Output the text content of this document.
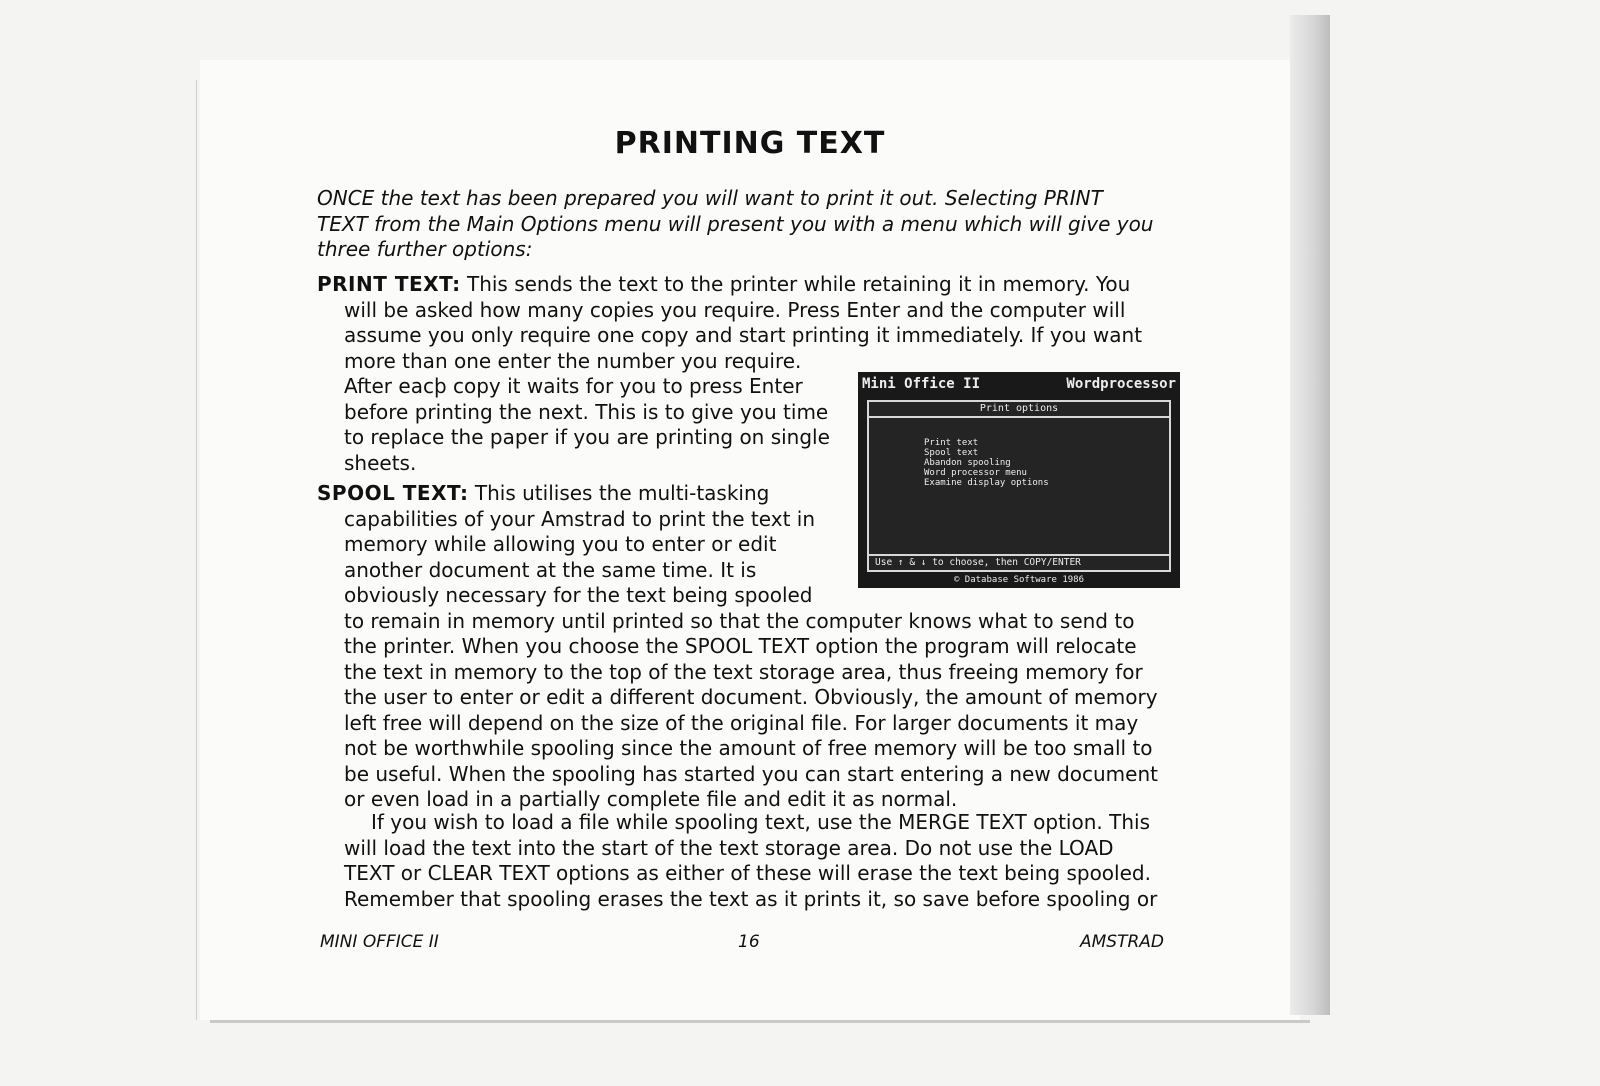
PRINTING TEXT
ONCE the text has been prepared you will want to print it out. Selecting PRINT
TEXT from the Main Options menu will present you with a menu which will give you
three further options:
PRINT TEXT: This sends the text to the printer while retaining it in memory. You
will be asked how many copies you require. Press Enter and the computer will
assume you only require one copy and start printing it immediately. If you want
more than one enter the number you require.
After eacþ copy it waits for you to press Enter
before printing the next. This is to give you time
to replace the paper if you are printing on single
sheets.
SPOOL TEXT: This utilises the multi-tasking
capabilities of your Amstrad to print the text in
memory while allowing you to enter or edit
another document at the same time. It is
obviously necessary for the text being spooled
to remain in memory until printed so that the computer knows what to send to
the printer. When you choose the SPOOL TEXT option the program will relocate
the text in memory to the top of the text storage area, thus freeing memory for
the user to enter or edit a different document. Obviously, the amount of memory
left free will depend on the size of the original file. For larger documents it may
not be worthwhile spooling since the amount of free memory will be too small to
be useful. When the spooling has started you can start entering a new document
or even load in a partially complete file and edit it as normal.
If you wish to load a file while spooling text, use the MERGE TEXT option. This
will load the text into the start of the text storage area. Do not use the LOAD
TEXT or CLEAR TEXT options as either of these will erase the text being spooled.
Remember that spooling erases the text as it prints it, so save before spooling or
Mini Office II	Wordprocessor
Print options
Print text
Spool text
Abandon spooling
Word processor menu
Examine display options
Use ↑ & ↓ to choose, then COPY/ENTER
© Database Software 1986
MINI OFFICE II	16	AMSTRAD
